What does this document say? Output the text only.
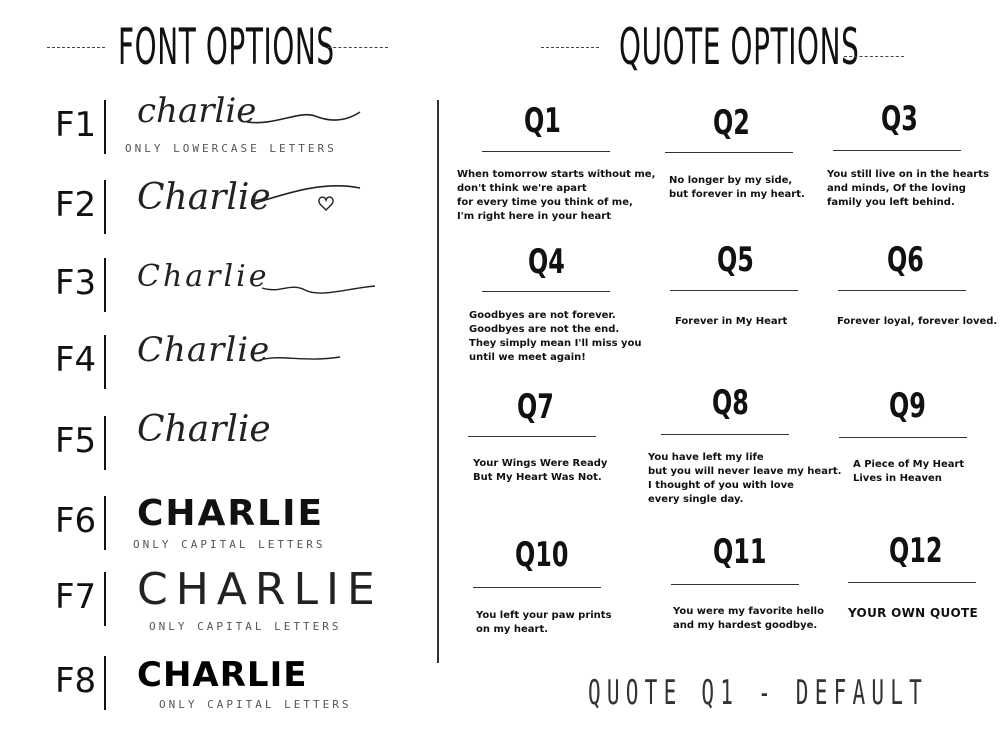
FONT OPTIONS	QUOTE OPTIONS
F1 charlie
ONLY LOWERCASE LETTERS
F2 Charlie
F3 Charlie
F4 Charlie
F5 Charlie
F6 CHARLIE
ONLY CAPITAL LETTERS
F7 CHARLIE
ONLY CAPITAL LETTERS
F8 CHARLIE
ONLY CAPITAL LETTERS
Q1
When tomorrow starts without me,
don't think we're apart
for every time you think of me,
I'm right here in your heart
Q2
No longer by my side,
but forever in my heart.
Q3
You still live on in the hearts
and minds, Of the loving
family you left behind.
Q4
Goodbyes are not forever.
Goodbyes are not the end.
They simply mean I'll miss you
until we meet again!
Q5
Forever in My Heart
Q6
Forever loyal, forever loved.
Q7
Your Wings Were Ready
But My Heart Was Not.
Q8
You have left my life
but you will never leave my heart.
I thought of you with love
every single day.
Q9
A Piece of My Heart
Lives in Heaven
Q10
You left your paw prints
on my heart.
Q11
You were my favorite hello
and my hardest goodbye.
Q12
YOUR OWN QUOTE
QUOTE Q1 - DEFAULT
